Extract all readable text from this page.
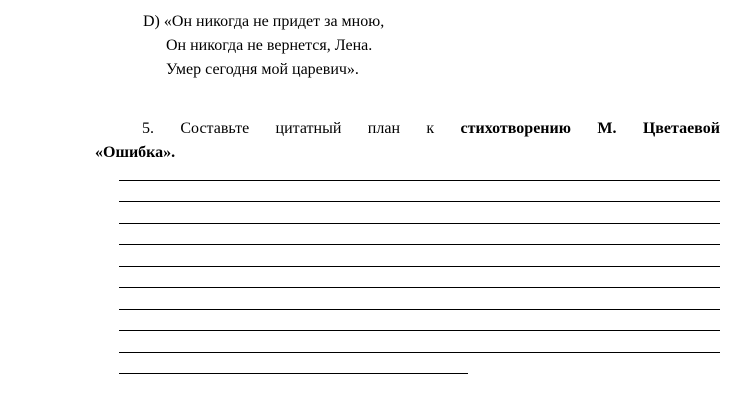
D) «Он никогда не придет за мною,
Он никогда не вернется, Лена.
Умер сегодня мой царевич».
5. Составьте цитатный план к стихотворению М. Цветаевой
«Ошибка».
